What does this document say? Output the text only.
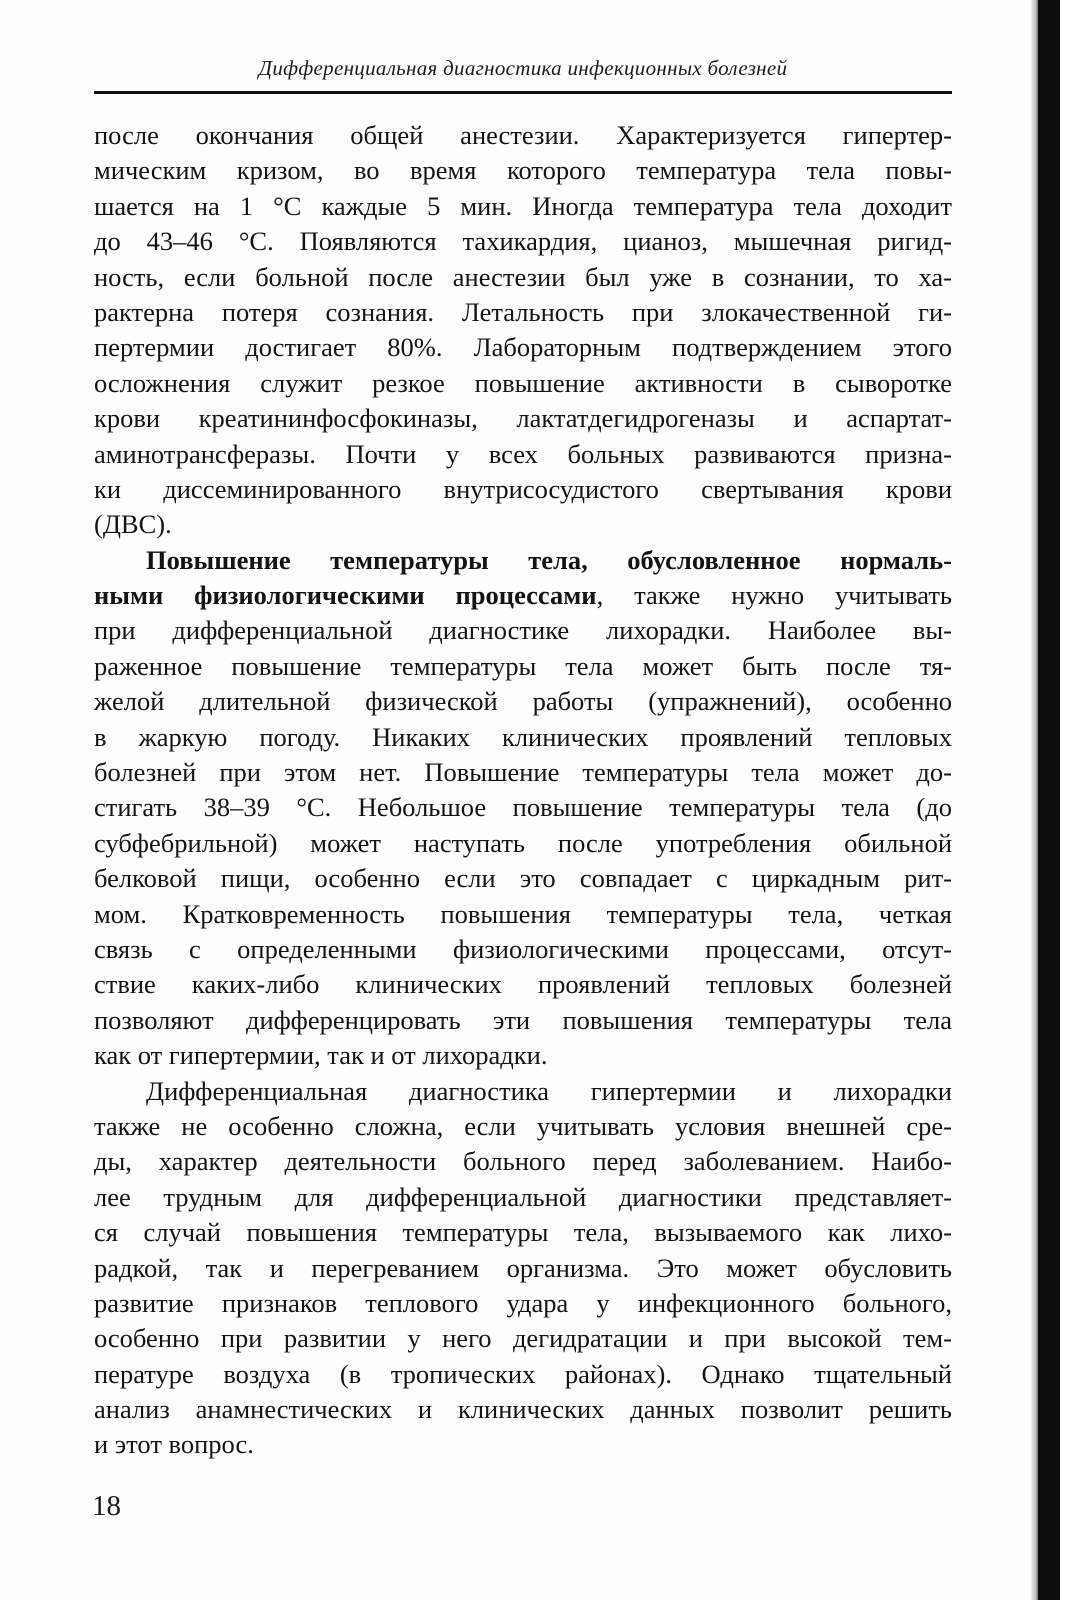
Дифференциальная диагностика инфекционных болезней
после окончания общей анестезии. Характеризуется гипертер-
мическим кризом, во время которого температура тела повы-
шается на 1 °С каждые 5 мин. Иногда температура тела доходит
до 43–46 °С. Появляются тахикардия, цианоз, мышечная ригид-
ность, если больной после анестезии был уже в сознании, то ха-
рактерна потеря сознания. Летальность при злокачественной ги-
пертермии достигает 80%. Лабораторным подтверждением этого
осложнения служит резкое повышение активности в сыворотке
крови креатининфосфокиназы, лактатдегидрогеназы и аспартат-
аминотрансферазы. Почти у всех больных развиваются призна-
ки диссеминированного внутрисосудистого свертывания крови
(ДВС).
Повышение температуры тела, обусловленное нормаль-
ными физиологическими процессами, также нужно учитывать
при дифференциальной диагностике лихорадки. Наиболее вы-
раженное повышение температуры тела может быть после тя-
желой длительной физической работы (упражнений), особенно
в жаркую погоду. Никаких клинических проявлений тепловых
болезней при этом нет. Повышение температуры тела может до-
стигать 38–39 °С. Небольшое повышение температуры тела (до
субфебрильной) может наступать после употребления обильной
белковой пищи, особенно если это совпадает с циркадным рит-
мом. Кратковременность повышения температуры тела, четкая
связь с определенными физиологическими процессами, отсут-
ствие каких-либо клинических проявлений тепловых болезней
позволяют дифференцировать эти повышения температуры тела
как от гипертермии, так и от лихорадки.
Дифференциальная диагностика гипертермии и лихорадки
также не особенно сложна, если учитывать условия внешней сре-
ды, характер деятельности больного перед заболеванием. Наибо-
лее трудным для дифференциальной диагностики представляет-
ся случай повышения температуры тела, вызываемого как лихо-
радкой, так и перегреванием организма. Это может обусловить
развитие признаков теплового удара у инфекционного больного,
особенно при развитии у него дегидратации и при высокой тем-
пературе воздуха (в тропических районах). Однако тщательный
анализ анамнестических и клинических данных позволит решить
и этот вопрос.
18
